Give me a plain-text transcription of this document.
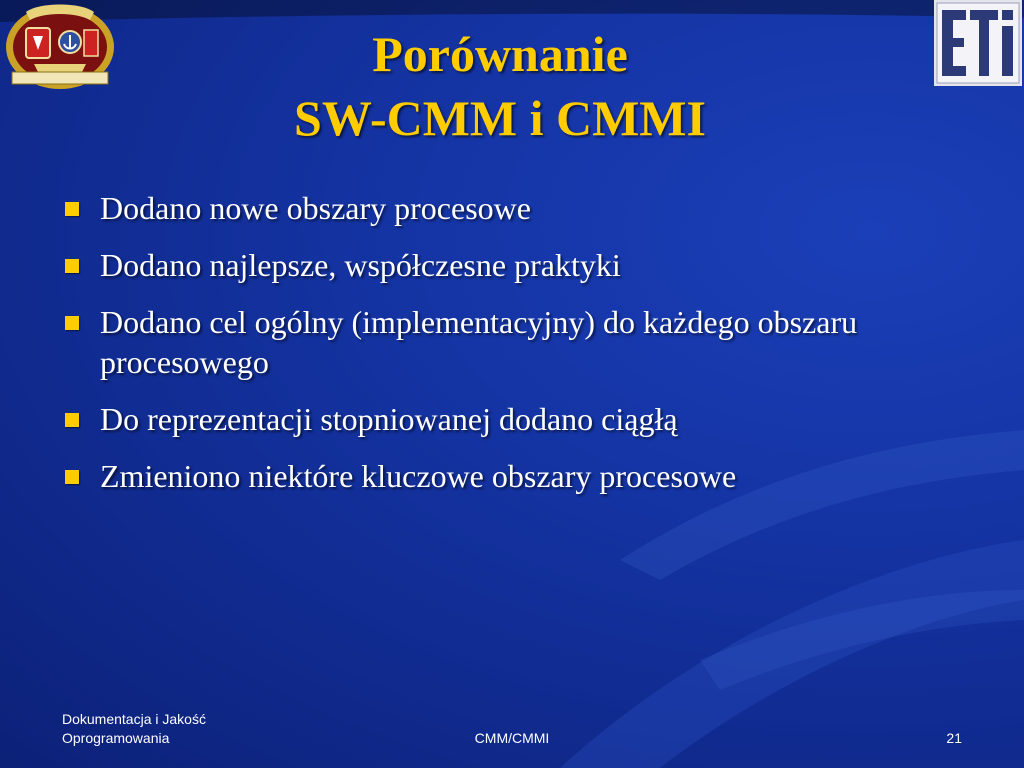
Porównanie
SW-CMM i CMMI
Dodano nowe obszary procesowe
Dodano najlepsze, współczesne praktyki
Dodano cel ogólny (implementacyjny) do każdego obszaru procesowego
Do reprezentacji stopniowanej dodano ciągłą
Zmieniono niektóre kluczowe obszary procesowe
Dokumentacja i Jakość
Oprogramowania	CMM/CMMI	21
